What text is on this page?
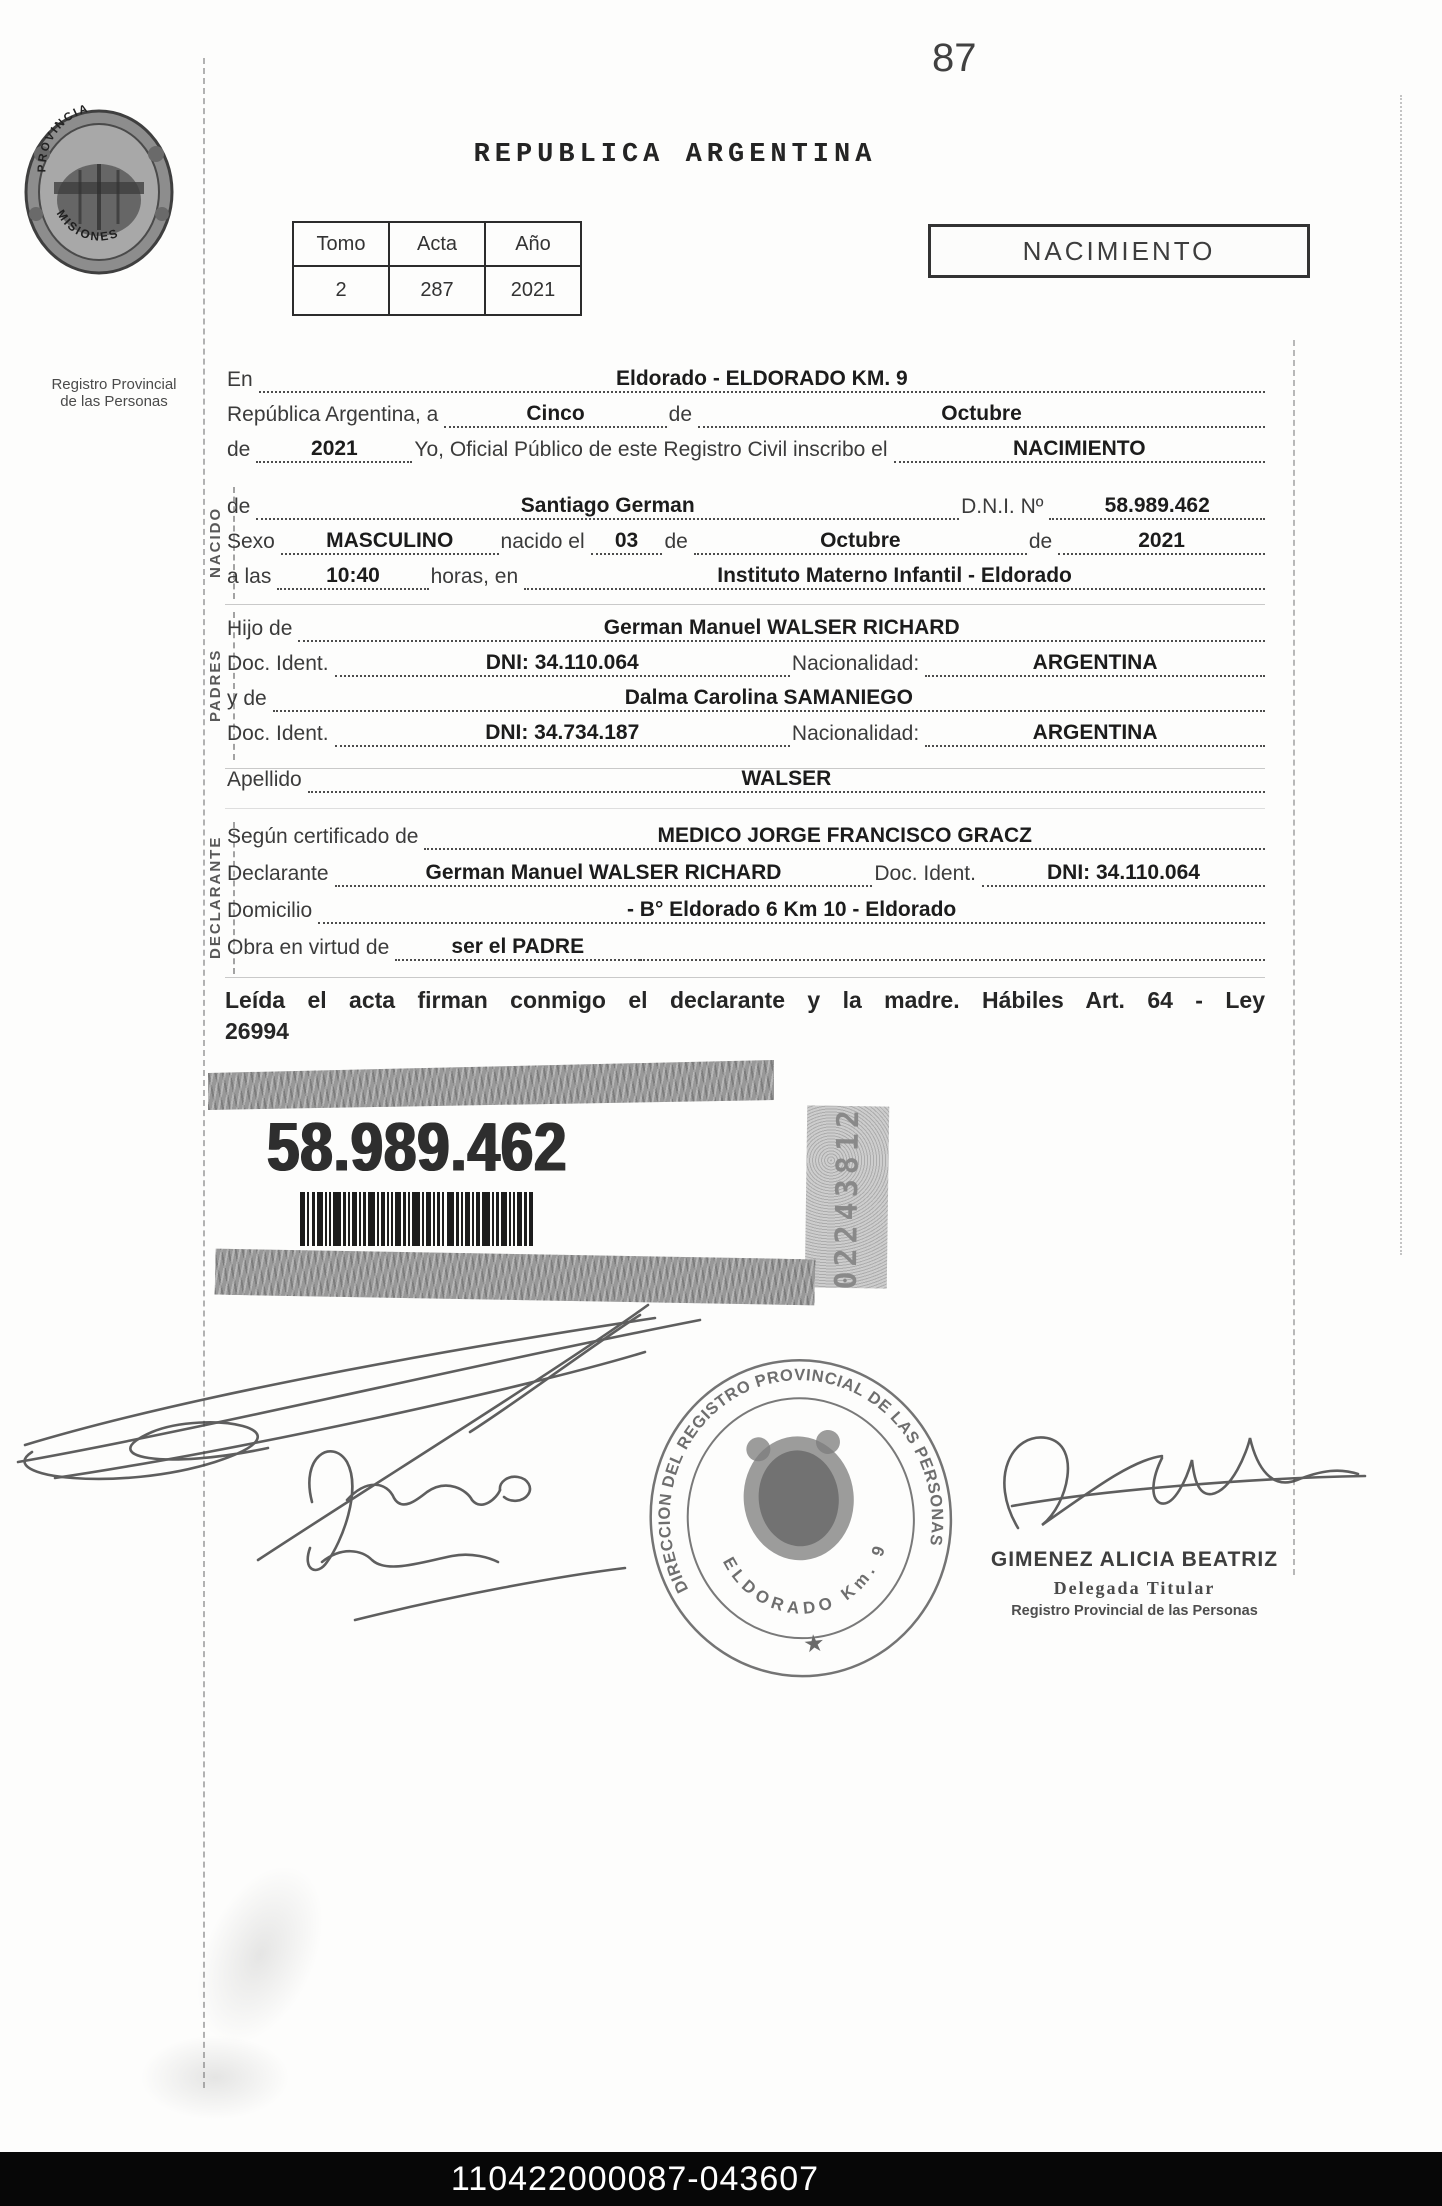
87
PROVINCIA
MISIONES
Registro Provincial
de las Personas
REPUBLICA ARGENTINA
Tomo	Acta	Año
2	287	2021
NACIMIENTO
En	Eldorado - ELDORADO KM. 9
República Argentina, a	Cinco	de	Octubre
de	2021	Yo, Oficial Público de este Registro Civil inscribo el	NACIMIENTO
NACIDO
de	Santiago German	D.N.I. Nº	58.989.462
Sexo	MASCULINO	nacido el	03	de	Octubre	de	2021
a las	10:40	horas, en	Instituto Materno Infantil - Eldorado
PADRES
Hijo de	German Manuel WALSER RICHARD
Doc. Ident.	DNI: 34.110.064	Nacionalidad:	ARGENTINA
y de	Dalma Carolina SAMANIEGO
Doc. Ident.	DNI: 34.734.187	Nacionalidad:	ARGENTINA
Apellido	WALSER
DECLARANTE Según certificado de	MEDICO JORGE FRANCISCO GRACZ
Declarante	German Manuel WALSER RICHARD	Doc. Ident.	DNI: 34.110.064
Domicilio	- B° Eldorado 6 Km 10 - Eldorado
Obra en virtud de	ser el PADRE
Leída el acta firman conmigo el declarante y la madre. Hábiles Art. 64 - Ley
26994
58.989.462	02243812
DIRECCION DEL REGISTRO PROVINCIAL DE LAS PERSONAS
ELDORADO Km. 9
★
GIMENEZ ALICIA BEATRIZ
Delegada Titular
Registro Provincial de las Personas
110422000087-043607
